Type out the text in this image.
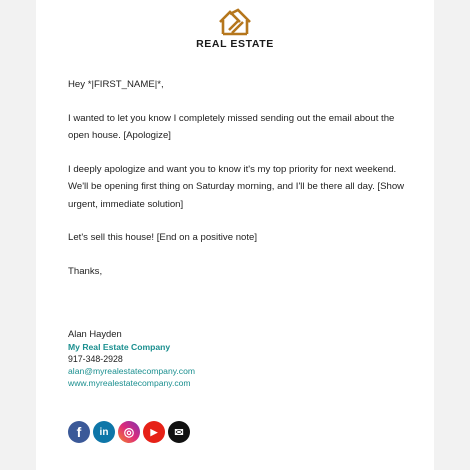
REAL ESTATE

Hey *|FIRST_NAME|*,

I wanted to let you know I completely missed sending out the email about the open house. [Apologize]

I deeply apologize and want you to know it's my top priority for next weekend. We'll be opening first thing on Saturday morning, and I'll be there all day. [Show urgent, immediate solution]

Let's sell this house! [End on a positive note]

Thanks,

Alan Hayden
My Real Estate Company
917-348-2928
alan@myrealestatecompany.com
www.myrealestatecompany.com
f	in	◎	▶	✉
